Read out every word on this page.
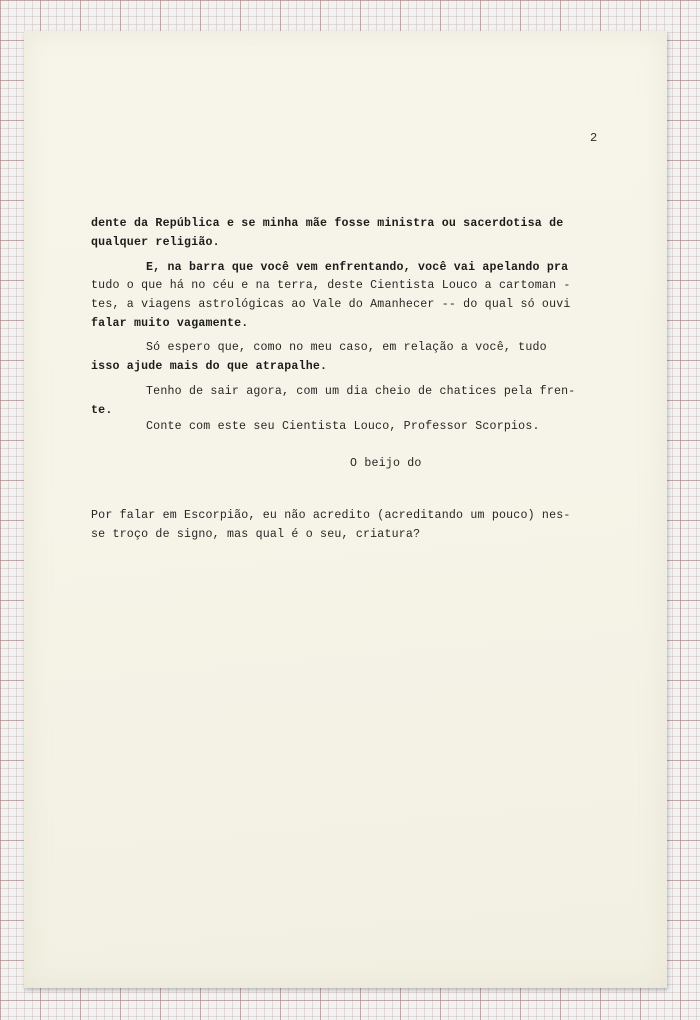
2
dente da República e se minha mãe fosse ministra ou sacerdotisa de
qualquer religião.
E, na barra que você vem enfrentando, você vai apelando pra
tudo o que há no céu e na terra, deste Cientista Louco a cartoman -
tes, a viagens astrológicas ao Vale do Amanhecer -- do qual só ouvi
falar muito vagamente.
Só espero que, como no meu caso, em relação a você, tudo
isso ajude mais do que atrapalhe.
Tenho de sair agora, com um dia cheio de chatices pela fren-
te.
Conte com este seu Cientista Louco, Professor Scorpios.
O beijo do
Por falar em Escorpião, eu não acredito (acreditando um pouco) nes-
se troço de signo, mas qual é o seu, criatura?
